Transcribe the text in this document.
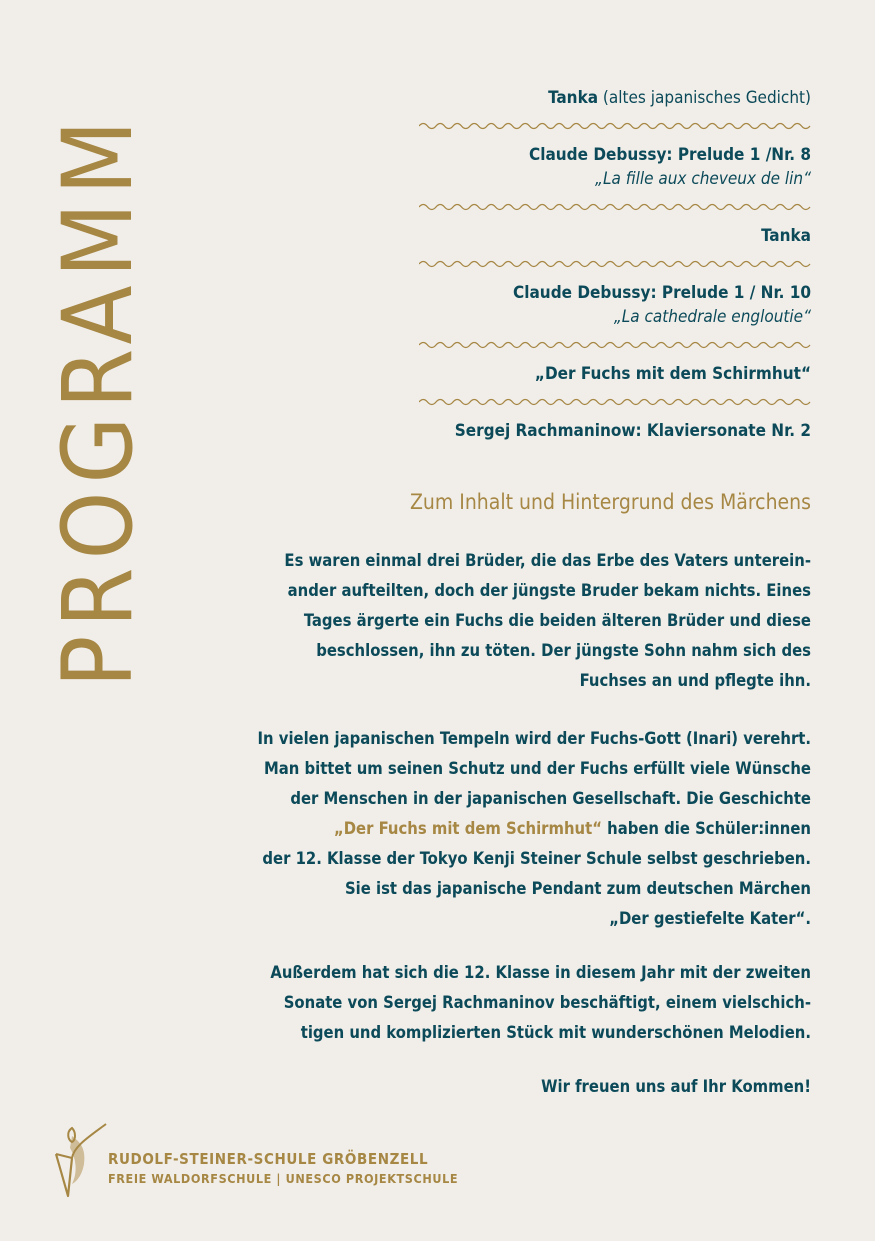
PROGRAMM
Tanka (altes japanisches Gedicht)
Claude Debussy: Prelude 1 /Nr. 8
„La fille aux cheveux de lin“
Tanka
Claude Debussy: Prelude 1 / Nr. 10
„La cathedrale engloutie“
„Der Fuchs mit dem Schirmhut“
Sergej Rachmaninow: Klaviersonate Nr. 2
Zum Inhalt und Hintergrund des Märchens
Es waren einmal drei Brüder, die das Erbe des Vaters unterein-
ander aufteilten, doch der jüngste Bruder bekam nichts. Eines
Tages ärgerte ein Fuchs die beiden älteren Brüder und diese
beschlossen, ihn zu töten. Der jüngste Sohn nahm sich des
Fuchses an und pflegte ihn.
In vielen japanischen Tempeln wird der Fuchs-Gott (Inari) verehrt.
Man bittet um seinen Schutz und der Fuchs erfüllt viele Wünsche
der Menschen in der japanischen Gesellschaft. Die Geschichte
„Der Fuchs mit dem Schirmhut“ haben die Schüler:innen
der 12. Klasse der Tokyo Kenji Steiner Schule selbst geschrieben.
Sie ist das japanische Pendant zum deutschen Märchen
„Der gestiefelte Kater“.
Außerdem hat sich die 12. Klasse in diesem Jahr mit der zweiten
Sonate von Sergej Rachmaninov beschäftigt, einem vielschich-
tigen und komplizierten Stück mit wunderschönen Melodien.
Wir freuen uns auf Ihr Kommen!
RUDOLF-STEINER-SCHULE GRÖBENZELL
FREIE WALDORFSCHULE | UNESCO PROJEKTSCHULE
